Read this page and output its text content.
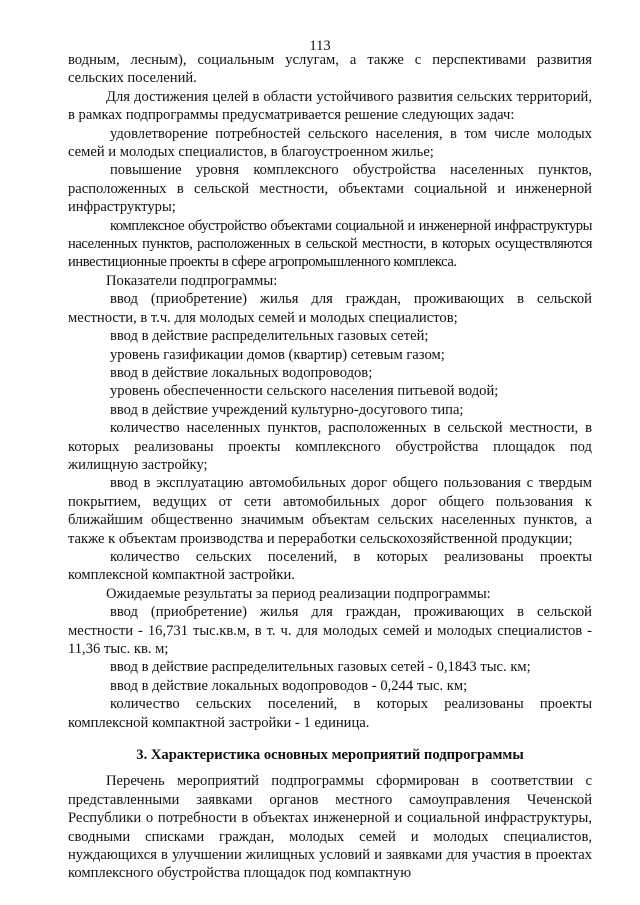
113

водным, лесным), социальным услугам, а также с перспективами развития сельских поселений.

Для достижения целей в области устойчивого развития сельских территорий, в рамках подпрограммы предусматривается решение следующих задач:

удовлетворение потребностей сельского населения, в том числе молодых семей и молодых специалистов, в благоустроенном жилье;

повышение уровня комплексного обустройства населенных пунктов, расположенных в сельской местности, объектами социальной и инженерной инфраструктуры;

комплексное обустройство объектами социальной и инженерной инфраструктуры населенных пунктов, расположенных в сельской местности, в которых осуществляются инвестиционные проекты в сфере агропромышленного комплекса.

Показатели подпрограммы:

ввод (приобретение) жилья для граждан, проживающих в сельской местности, в т.ч. для молодых семей и молодых специалистов;

ввод в действие распределительных газовых сетей;

уровень газификации домов (квартир) сетевым газом;

ввод в действие локальных водопроводов;

уровень обеспеченности сельского населения питьевой водой;

ввод в действие учреждений культурно-досугового типа;

количество населенных пунктов, расположенных в сельской местности, в которых реализованы проекты комплексного обустройства площадок под жилищную застройку;

ввод в эксплуатацию автомобильных дорог общего пользования с твердым покрытием, ведущих от сети автомобильных дорог общего пользования к ближайшим общественно значимым объектам сельских населенных пунктов, а также к объектам производства и переработки сельскохозяйственной продукции;

количество сельских поселений, в которых реализованы проекты комплексной компактной застройки.

Ожидаемые результаты за период реализации подпрограммы:

ввод (приобретение) жилья для граждан, проживающих в сельской местности - 16,731 тыс.кв.м, в т. ч. для молодых семей и молодых специалистов - 11,36 тыс. кв. м;

ввод в действие распределительных газовых сетей - 0,1843 тыс. км;

ввод в действие локальных водопроводов - 0,244 тыс. км;

количество сельских поселений, в которых реализованы проекты комплексной компактной застройки - 1 единица.

3. Характеристика основных мероприятий подпрограммы

Перечень мероприятий подпрограммы сформирован в соответствии с представленными заявками органов местного самоуправления Чеченской Республики о потребности в объектах инженерной и социальной инфраструктуры, сводными списками граждан, молодых семей и молодых специалистов, нуждающихся в улучшении жилищных условий и заявками для участия в проектах комплексного обустройства площадок под компактную
